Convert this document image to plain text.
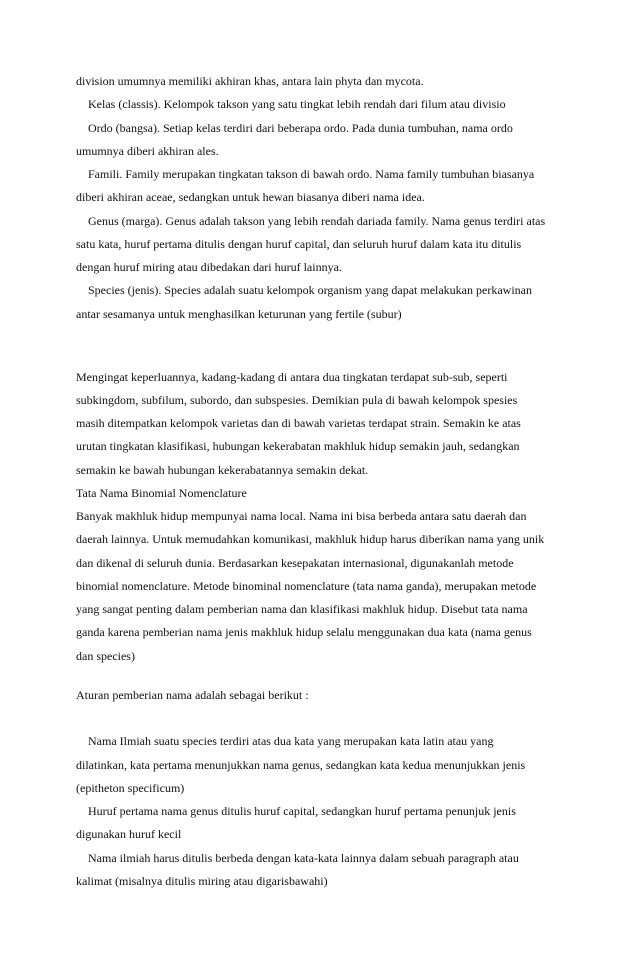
division umumnya memiliki akhiran khas, antara lain phyta dan mycota.
Kelas (classis). Kelompok takson yang satu tingkat lebih rendah dari filum atau divisio
Ordo (bangsa). Setiap kelas terdiri dari beberapa ordo. Pada dunia tumbuhan, nama ordo
umumnya diberi akhiran ales.
Famili. Family merupakan tingkatan takson di bawah ordo. Nama family tumbuhan biasanya
diberi akhiran aceae, sedangkan untuk hewan biasanya diberi nama idea.
Genus (marga). Genus adalah takson yang lebih rendah dariada family. Nama genus terdiri atas
satu kata, huruf pertama ditulis dengan huruf capital, dan seluruh huruf dalam kata itu ditulis
dengan huruf miring atau dibedakan dari huruf lainnya.
Species (jenis). Species adalah suatu kelompok organism yang dapat melakukan perkawinan
antar sesamanya untuk menghasilkan keturunan yang fertile (subur)
Mengingat keperluannya, kadang-kadang di antara dua tingkatan terdapat sub-sub, seperti
subkingdom, subfilum, subordo, dan subspesies. Demikian pula di bawah kelompok spesies
masih ditempatkan kelompok varietas dan di bawah varietas terdapat strain. Semakin ke atas
urutan tingkatan klasifikasi, hubungan kekerabatan makhluk hidup semakin jauh, sedangkan
semakin ke bawah hubungan kekerabatannya semakin dekat.
Tata Nama Binomial Nomenclature
Banyak makhluk hidup mempunyai nama local. Nama ini bisa berbeda antara satu daerah dan
daerah lainnya. Untuk memudahkan komunikasi, makhluk hidup harus diberikan nama yang unik
dan dikenal di seluruh dunia. Berdasarkan kesepakatan internasional, digunakanlah metode
binomial nomenclature. Metode binominal nomenclature (tata nama ganda), merupakan metode
yang sangat penting dalam pemberian nama dan klasifikasi makhluk hidup. Disebut tata nama
ganda karena pemberian nama jenis makhluk hidup selalu menggunakan dua kata (nama genus
dan species)
Aturan pemberian nama adalah sebagai berikut :
Nama Ilmiah suatu species terdiri atas dua kata yang merupakan kata latin atau yang
dilatinkan, kata pertama menunjukkan nama genus, sedangkan kata kedua menunjukkan jenis
(epitheton specificum)
Huruf pertama nama genus ditulis huruf capital, sedangkan huruf pertama penunjuk jenis
digunakan huruf kecil
Nama ilmiah harus ditulis berbeda dengan kata-kata lainnya dalam sebuah paragraph atau
kalimat (misalnya ditulis miring atau digarisbawahi)
